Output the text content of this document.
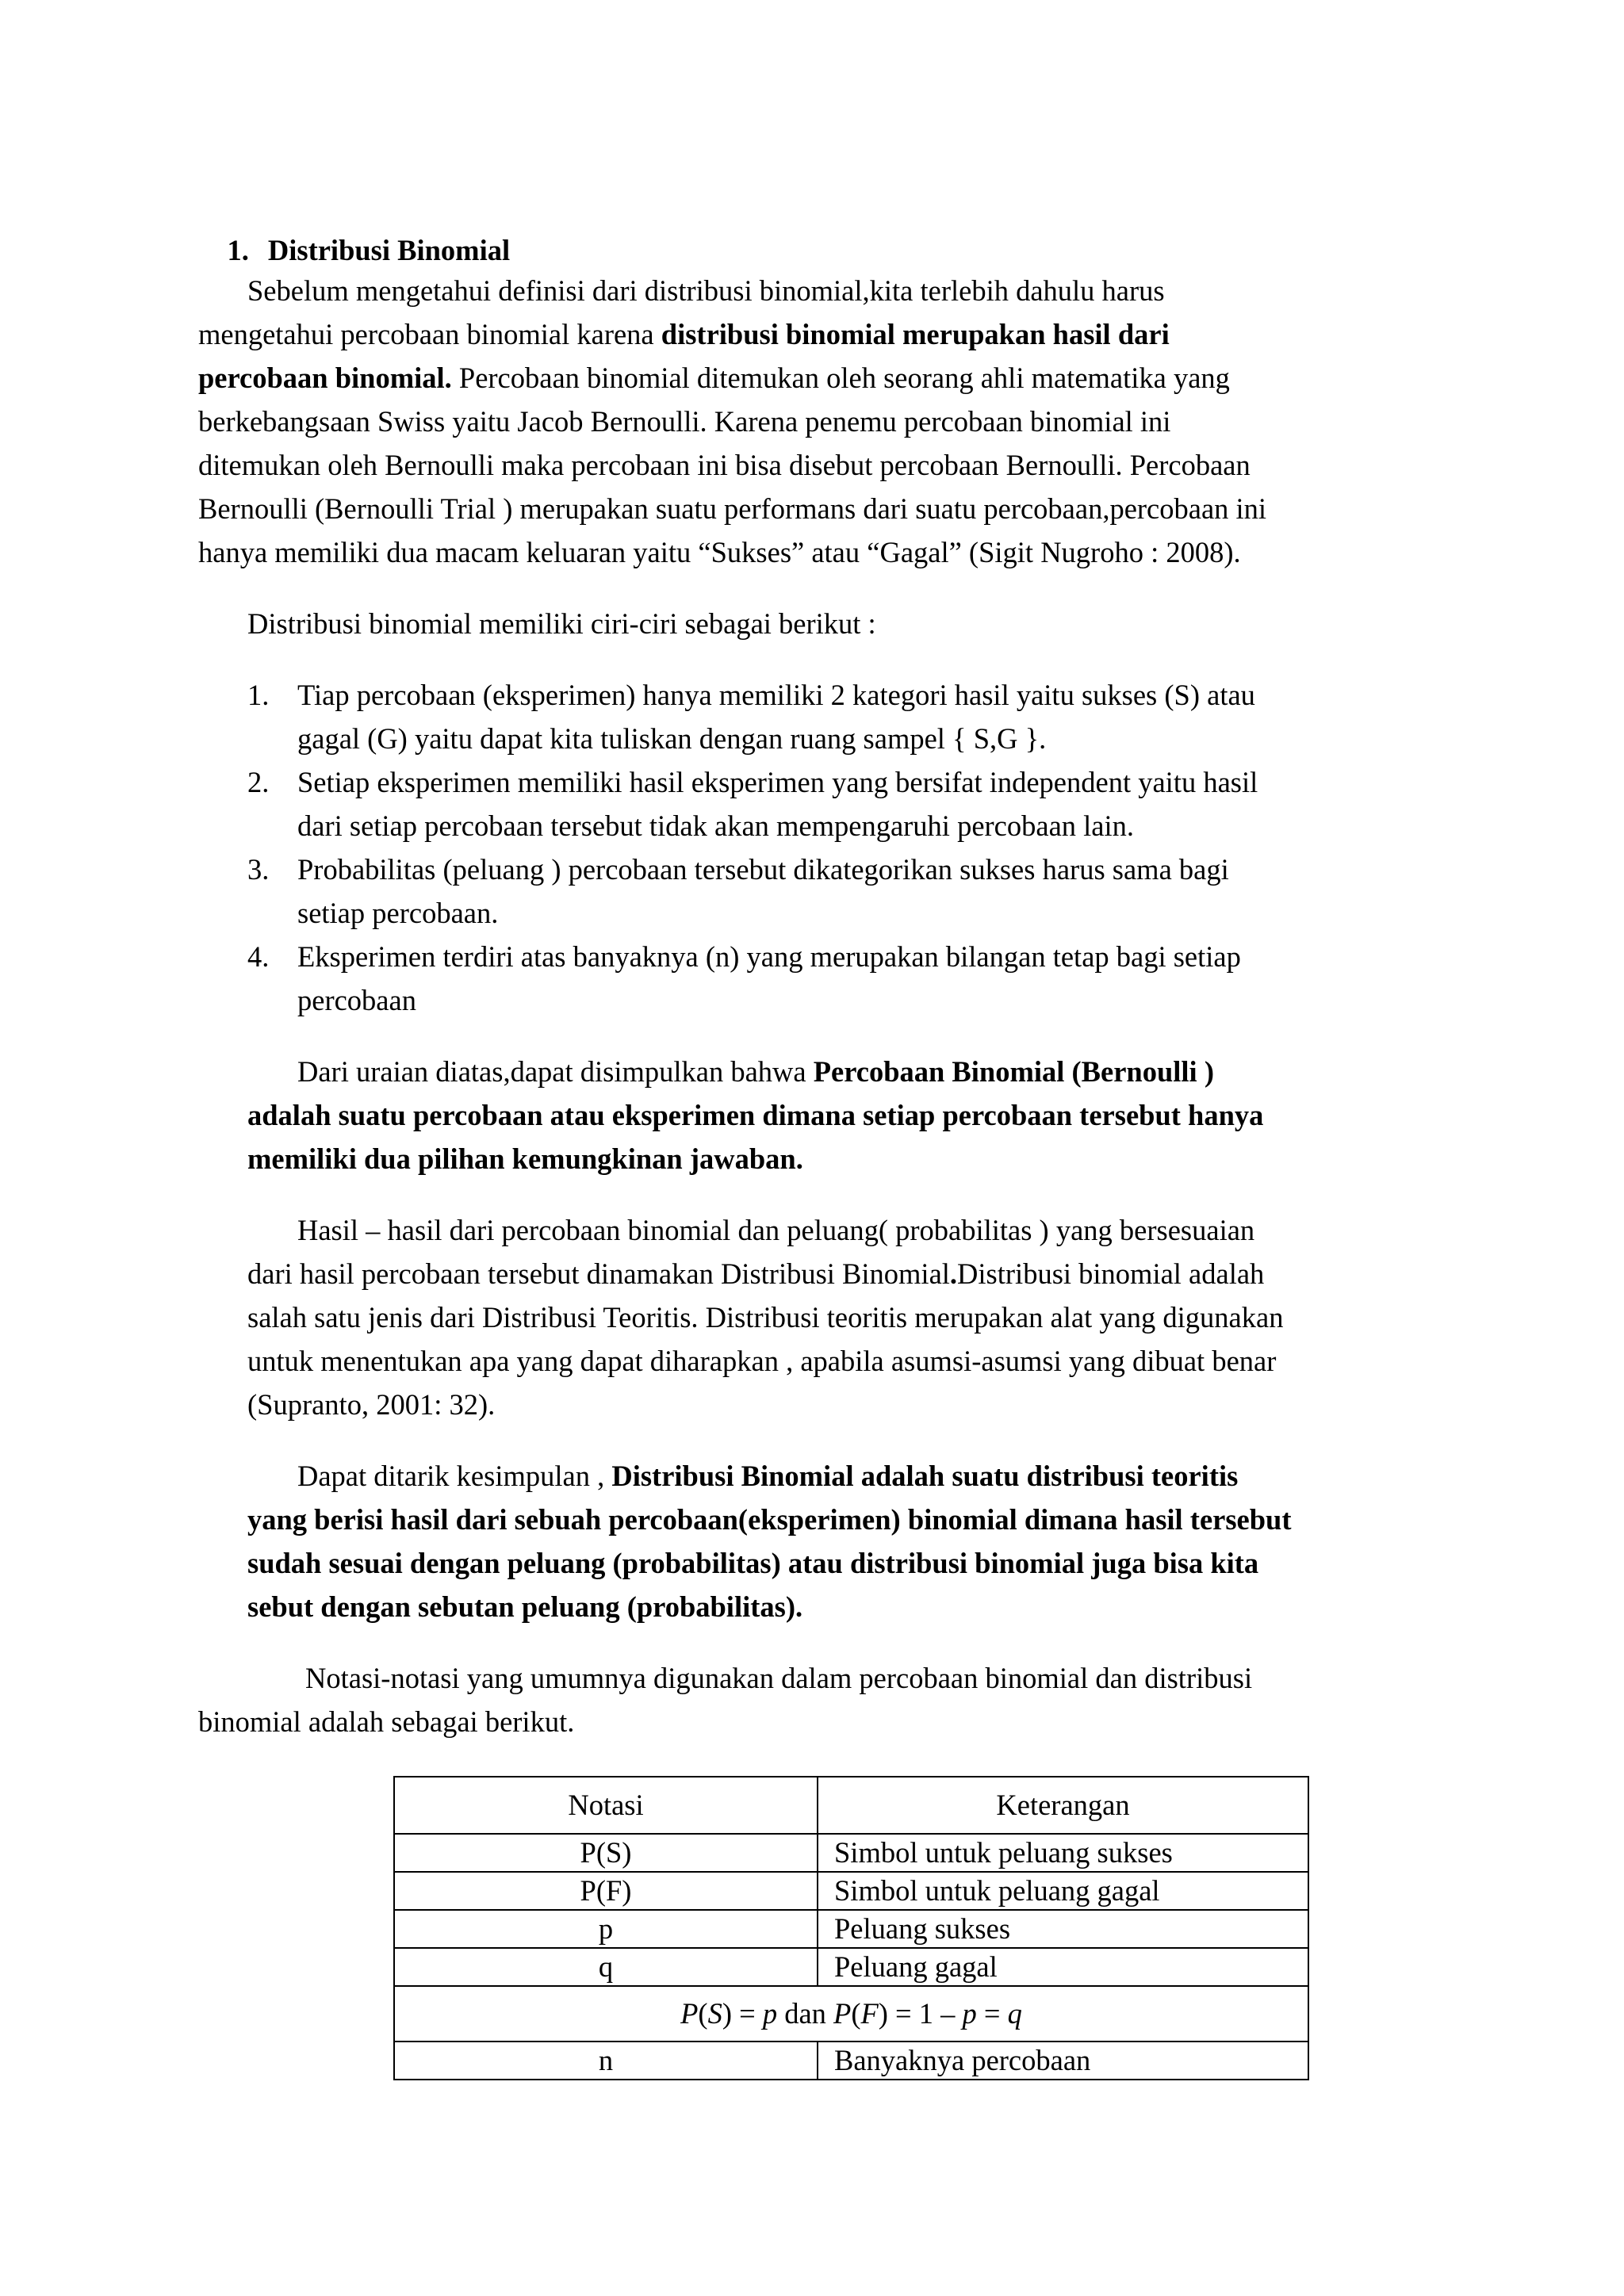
1. Distribusi Binomial

Sebelum mengetahui definisi dari distribusi binomial,kita terlebih dahulu harus
mengetahui percobaan binomial karena distribusi binomial merupakan hasil dari
percobaan binomial. Percobaan binomial ditemukan oleh seorang ahli matematika yang
berkebangsaan Swiss yaitu Jacob Bernoulli. Karena penemu percobaan binomial ini
ditemukan oleh Bernoulli maka percobaan ini bisa disebut percobaan Bernoulli. Percobaan
Bernoulli (Bernoulli Trial ) merupakan suatu performans dari suatu percobaan,percobaan ini
hanya memiliki dua macam keluaran yaitu “Sukses” atau “Gagal” (Sigit Nugroho : 2008).
Distribusi binomial memiliki ciri-ciri sebagai berikut :
1. Tiap percobaan (eksperimen) hanya memiliki 2 kategori hasil yaitu sukses (S) atau
gagal (G) yaitu dapat kita tuliskan dengan ruang sampel { S,G }.
2. Setiap eksperimen memiliki hasil eksperimen yang bersifat independent yaitu hasil
dari setiap percobaan tersebut tidak akan mempengaruhi percobaan lain.
3. Probabilitas (peluang ) percobaan tersebut dikategorikan sukses harus sama bagi
setiap percobaan.
4. Eksperimen terdiri atas banyaknya (n) yang merupakan bilangan tetap bagi setiap
percobaan
Dari uraian diatas,dapat disimpulkan bahwa Percobaan Binomial (Bernoulli )
adalah suatu percobaan atau eksperimen dimana setiap percobaan tersebut hanya
memiliki dua pilihan kemungkinan jawaban.
Hasil – hasil dari percobaan binomial dan peluang( probabilitas ) yang bersesuaian
dari hasil percobaan tersebut dinamakan Distribusi Binomial.Distribusi binomial adalah
salah satu jenis dari Distribusi Teoritis. Distribusi teoritis merupakan alat yang digunakan
untuk menentukan apa yang dapat diharapkan , apabila asumsi-asumsi yang dibuat benar
(Supranto, 2001: 32).
Dapat ditarik kesimpulan , Distribusi Binomial adalah suatu distribusi teoritis
yang berisi hasil dari sebuah percobaan(eksperimen) binomial dimana hasil tersebut
sudah sesuai dengan peluang (probabilitas) atau distribusi binomial juga bisa kita
sebut dengan sebutan peluang (probabilitas).
Notasi-notasi yang umumnya digunakan dalam percobaan binomial dan distribusi
binomial adalah sebagai berikut.
Notasi	Keterangan
P(S)	Simbol untuk peluang sukses
P(F)	Simbol untuk peluang gagal
p	Peluang sukses
q	Peluang gagal
P(S) = p dan P(F) = 1 – p = q	
n	Banyaknya percobaan
